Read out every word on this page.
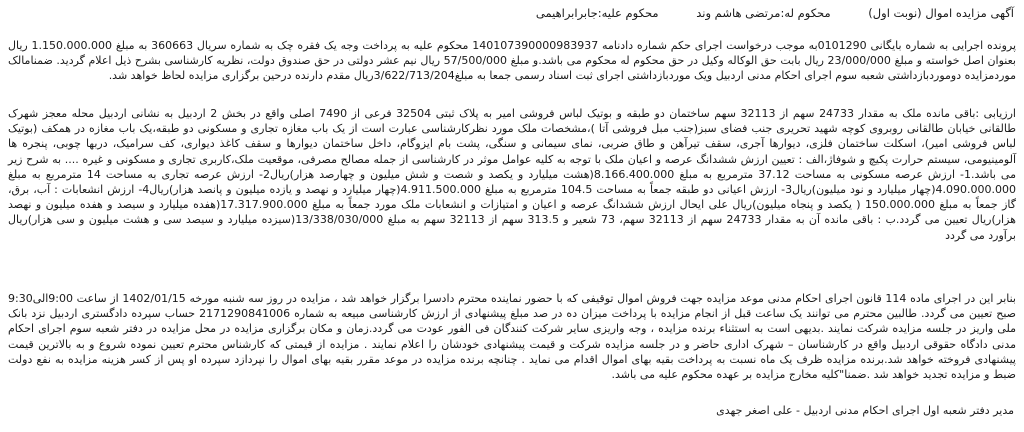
آگهی مزایده اموال (نوبت اول) محکوم له:مرتضی هاشم وند محکوم علیه:جابرابراهیمی

پرونده اجرایی به شماره بایگانی 0101290به موجب درخواست اجرای حکم شماره دادنامه 140107390000983937 محکوم علیه به پرداخت وجه یک فقره چک به شماره سریال 360663 به مبلغ 1.150.000.000 ریال بعنوان اصل خواسته و مبلغ 23/000/000 ریال بابت حق الوکاله وکیل در حق محکوم له محکوم می باشد.و مبلغ 57/500/000 ریال نیم عشر دولتی در حق صندوق دولت، نظریه کارشناسی بشرح ذیل اعلام گردید. ضمنامالک موردمزایده دوموردبازداشتی شعبه سوم اجرای احکام مدنی اردبیل ویک موردبازداشتی اجرای ثبت اسناد رسمی جمعا به مبلغ3/622/713/204ریال مقدم دارنده درحین برگزاری مزایده لحاظ خواهد شد.

ارزیابی :باقی مانده ملک به مقدار 24733 سهم از 32113 سهم ساختمان دو طبقه و بوتیک لباس فروشی امیر به پلاک ثبتی 32504 فرعی از 7490 اصلی واقع در بخش 2 اردبیل به نشانی اردبیل محله معجز شهرک طالقانی خیابان طالقانی روبروی کوچه شهید تحریری جنب فضای سبز(جنب مبل فروشی آتا )،مشخصات ملک مورد نظرکارشناسی عبارت است از یک باب مغازه تجاری و مسکونی دو طبقه،یک باب مغازه در همکف (بوتیک لباس فروشی امیر)، اسکلت ساختمان فلزی، دیوارها آجری، سقف تیرآهن و طاق ضربی، نمای سیمانی و سنگی، پشت بام ایزوگام، داخل ساختمان دیوارها و سقف کاغذ دیواری، کف سرامیک، دربها چوبی، پنجره ها آلومینیومی، سیستم حرارت پکیچ و شوفاژ،الف : تعیین ارزش ششدانگ عرصه و اعیان ملک با توجه به کلیه عوامل موثر در کارشناسی از جمله مصالح مصرفی، موقعیت ملک،کاربری تجاری و مسکونی و غیره .... به شرح زیر می باشد.1- ارزش عرصه مسکونی به مساحت 37.12 مترمربع به مبلغ 8.166.400.000(هشت میلیارد و یکصد و شصت و شش میلیون و چهارصد هزار)ریال2- ارزش عرصه تجاری به مساحت 14 مترمربع به مبلغ 4.090.000.000(چهار میلیارد و نود میلیون)ریال3- ارزش اعیانی دو طبقه جمعاً به مساحت 104.5 مترمربع به مبلغ 4.911.500.000(چهار میلیارد و نهصد و یازده میلیون و پانصد هزار)ریال4- ارزش انشعابات : آب، برق، گاز جمعاً به مبلغ 150.000.000 ( یکصد و پنجاه میلیون)ریال علی ایحال ارزش ششدانگ عرصه و اعیان و امتیازات و انشعابات ملک مورد جمعاً به مبلغ 17.317.900.000(هفده میلیارد و سیصد و هفده میلیون و نهصد هزار)ریال تعیین می گردد.ب : باقی مانده آن به مقدار 24733 سهم از 32113 سهم، 73 شعیر و 313.5 سهم از 32113 سهم به مبلغ 13/338/030/000(سیزده میلیارد و سیصد سی و هشت میلیون و سی هزار)ریال برآورد می گردد

بنابر این در اجرای ماده 114 قانون اجرای احکام مدنی موعد مزایده جهت فروش اموال توقیفی که با حضور نماینده محترم دادسرا برگزار خواهد شد ، مزایده در روز سه شنبه مورخه 1402/01/15 از ساعت 9:00الی9:30 صبح تعیین می گردد. طالبین محترم می توانند یک ساعت قبل از انجام مزایده با پرداخت میزان ده در صد مبلغ پیشنهادی از ارزش کارشناسی مبیعه به شماره 2171290841006 حساب سپرده دادگستری اردبیل نزد بانک ملی واریز در جلسه مزایده شرکت نمایند .بدیهی است به استثناء برنده مزایده ، وجه واریزی سایر شرکت کنندگان فی الفور عودت می گردد.زمان و مکان برگزاری مزایده در محل مزایده در دفتر شعبه سوم اجرای احکام مدنی دادگاه حقوقی اردبیل واقع در کارشناسان – شهرک اداری حاضر و در جلسه مزایده شرکت و قیمت پیشنهادی خودشان را اعلام نمایند . مزایده از قیمتی که کارشناس محترم تعیین نموده شروع و به بالاترین قیمت پیشنهادی فروخته خواهد شد.برنده مزایده ظرف یک ماه نسبت به پرداخت بقیه بهای اموال اقدام می نماید . چنانچه برنده مزایده در موعد مقرر بقیه بهای اموال را نپردازد سپرده او پس از کسر هزینه مزایده به نفع دولت ضبط و مزایده تجدید خواهد شد .ضمنا"کلیه مخارج مزایده بر عهده محکوم علیه می باشد.

مدیر دفتر شعبه اول اجرای احکام مدنی اردبیل - علی اصغر جهدی
